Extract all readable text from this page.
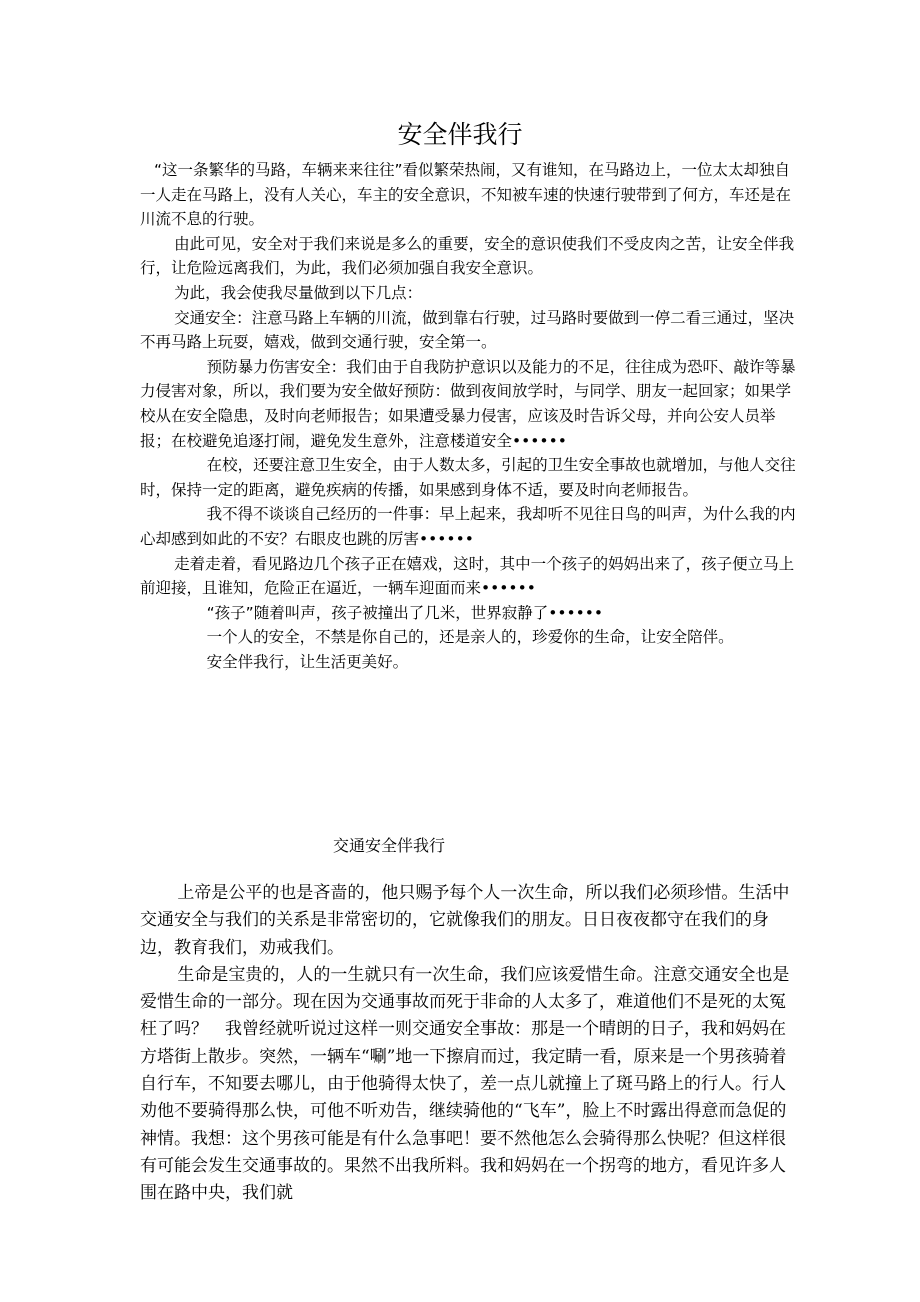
安全伴我行

“这一条繁华的马路，车辆来来往往”看似繁荣热闹，又有谁知，在马路边上，一位太太却独自一人走在马路上，没有人关心，车主的安全意识，不知被车速的快速行驶带到了何方，车还是在川流不息的行驶。

由此可见，安全对于我们来说是多么的重要，安全的意识使我们不受皮肉之苦，让安全伴我行，让危险远离我们，为此，我们必须加强自我安全意识。

为此，我会使我尽量做到以下几点：

交通安全：注意马路上车辆的川流，做到靠右行驶，过马路时要做到一停二看三通过，坚决不再马路上玩耍，嬉戏，做到交通行驶，安全第一。

预防暴力伤害安全：我们由于自我防护意识以及能力的不足，往往成为恐吓、敲诈等暴力侵害对象，所以，我们要为安全做好预防：做到夜间放学时，与同学、朋友一起回家；如果学校从在安全隐患，及时向老师报告；如果遭受暴力侵害，应该及时告诉父母，并向公安人员举报；在校避免追逐打闹，避免发生意外，注意楼道安全••••••

在校，还要注意卫生安全，由于人数太多，引起的卫生安全事故也就增加，与他人交往时，保持一定的距离，避免疾病的传播，如果感到身体不适，要及时向老师报告。

我不得不谈谈自己经历的一件事：早上起来，我却听不见往日鸟的叫声，为什么我的内心却感到如此的不安？右眼皮也跳的厉害••••••

走着走着，看见路边几个孩子正在嬉戏，这时，其中一个孩子的妈妈出来了，孩子便立马上前迎接，且谁知，危险正在逼近，一辆车迎面而来••••••

“孩子”随着叫声，孩子被撞出了几米，世界寂静了••••••

一个人的安全，不禁是你自己的，还是亲人的，珍爱你的生命，让安全陪伴。

安全伴我行，让生活更美好。

交通安全伴我行

上帝是公平的也是吝啬的，他只赐予每个人一次生命，所以我们必须珍惜。生活中交通安全与我们的关系是非常密切的，它就像我们的朋友。日日夜夜都守在我们的身边，教育我们，劝戒我们。

生命是宝贵的，人的一生就只有一次生命，我们应该爱惜生命。注意交通安全也是爱惜生命的一部分。现在因为交通事故而死于非命的人太多了，难道他们不是死的太冤枉了吗？　我曾经就听说过这样一则交通安全事故：那是一个晴朗的日子，我和妈妈在方塔街上散步。突然，一辆车“唰”地一下擦肩而过，我定睛一看，原来是一个男孩骑着自行车，不知要去哪儿，由于他骑得太快了，差一点儿就撞上了斑马路上的行人。行人劝他不要骑得那么快，可他不听劝告，继续骑他的“飞车”，脸上不时露出得意而急促的神情。我想：这个男孩可能是有什么急事吧！要不然他怎么会骑得那么快呢？但这样很有可能会发生交通事故的。果然不出我所料。我和妈妈在一个拐弯的地方，看见许多人围在路中央，我们就
